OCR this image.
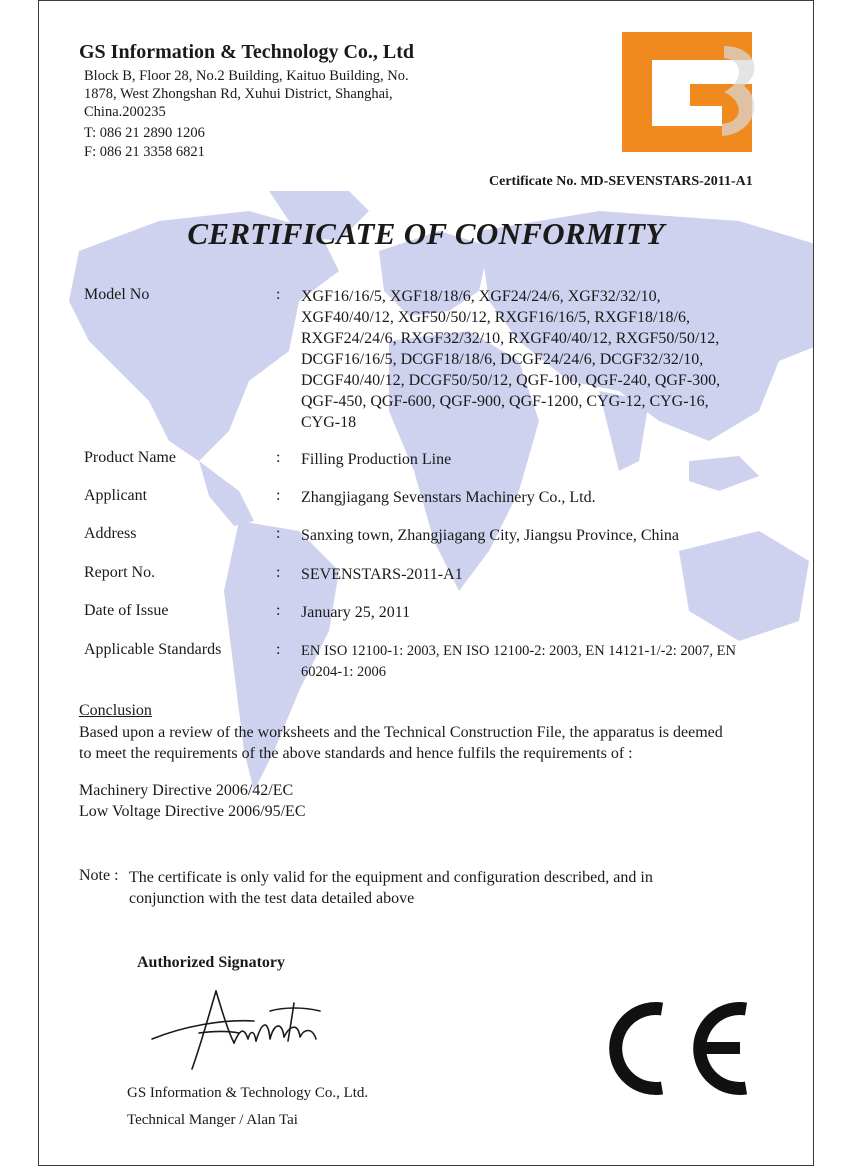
GS Information & Technology Co., Ltd
Block B, Floor 28, No.2 Building, Kaituo Building, No.
1878, West Zhongshan Rd, Xuhui District, Shanghai,
China.200235
T: 086 21 2890 1206
F: 086 21 3358 6821
Certificate No. MD-SEVENSTARS-2011-A1
CERTIFICATE OF CONFORMITY
Model No	: XGF16/16/5, XGF18/18/6, XGF24/24/6, XGF32/32/10,
XGF40/40/12, XGF50/50/12, RXGF16/16/5, RXGF18/18/6,
RXGF24/24/6, RXGF32/32/10, RXGF40/40/12, RXGF50/50/12,
DCGF16/16/5, DCGF18/18/6, DCGF24/24/6, DCGF32/32/10,
DCGF40/40/12, DCGF50/50/12, QGF-100, QGF-240, QGF-300,
QGF-450, QGF-600, QGF-900, QGF-1200, CYG-12, CYG-16,
CYG-18
Product Name	: Filling Production Line
Applicant	: Zhangjiagang Sevenstars Machinery Co., Ltd.
Address	: Sanxing town, Zhangjiagang City, Jiangsu Province, China
Report No.	: SEVENSTARS-2011-A1
Date of Issue	: January 25, 2011
Applicable Standards	: EN ISO 12100-1: 2003, EN ISO 12100-2: 2003, EN 14121-1/-2: 2007, EN
60204-1: 2006
Conclusion
Based upon a review of the worksheets and the Technical Construction File, the apparatus is deemed
to meet the requirements of the above standards and hence fulfils the requirements of :
Machinery Directive 2006/42/EC
Low Voltage Directive 2006/95/EC
Note : The certificate is only valid for the equipment and configuration described, and in
conjunction with the test data detailed above
Authorized Signatory
GS Information & Technology Co., Ltd.
Technical Manger / Alan Tai
